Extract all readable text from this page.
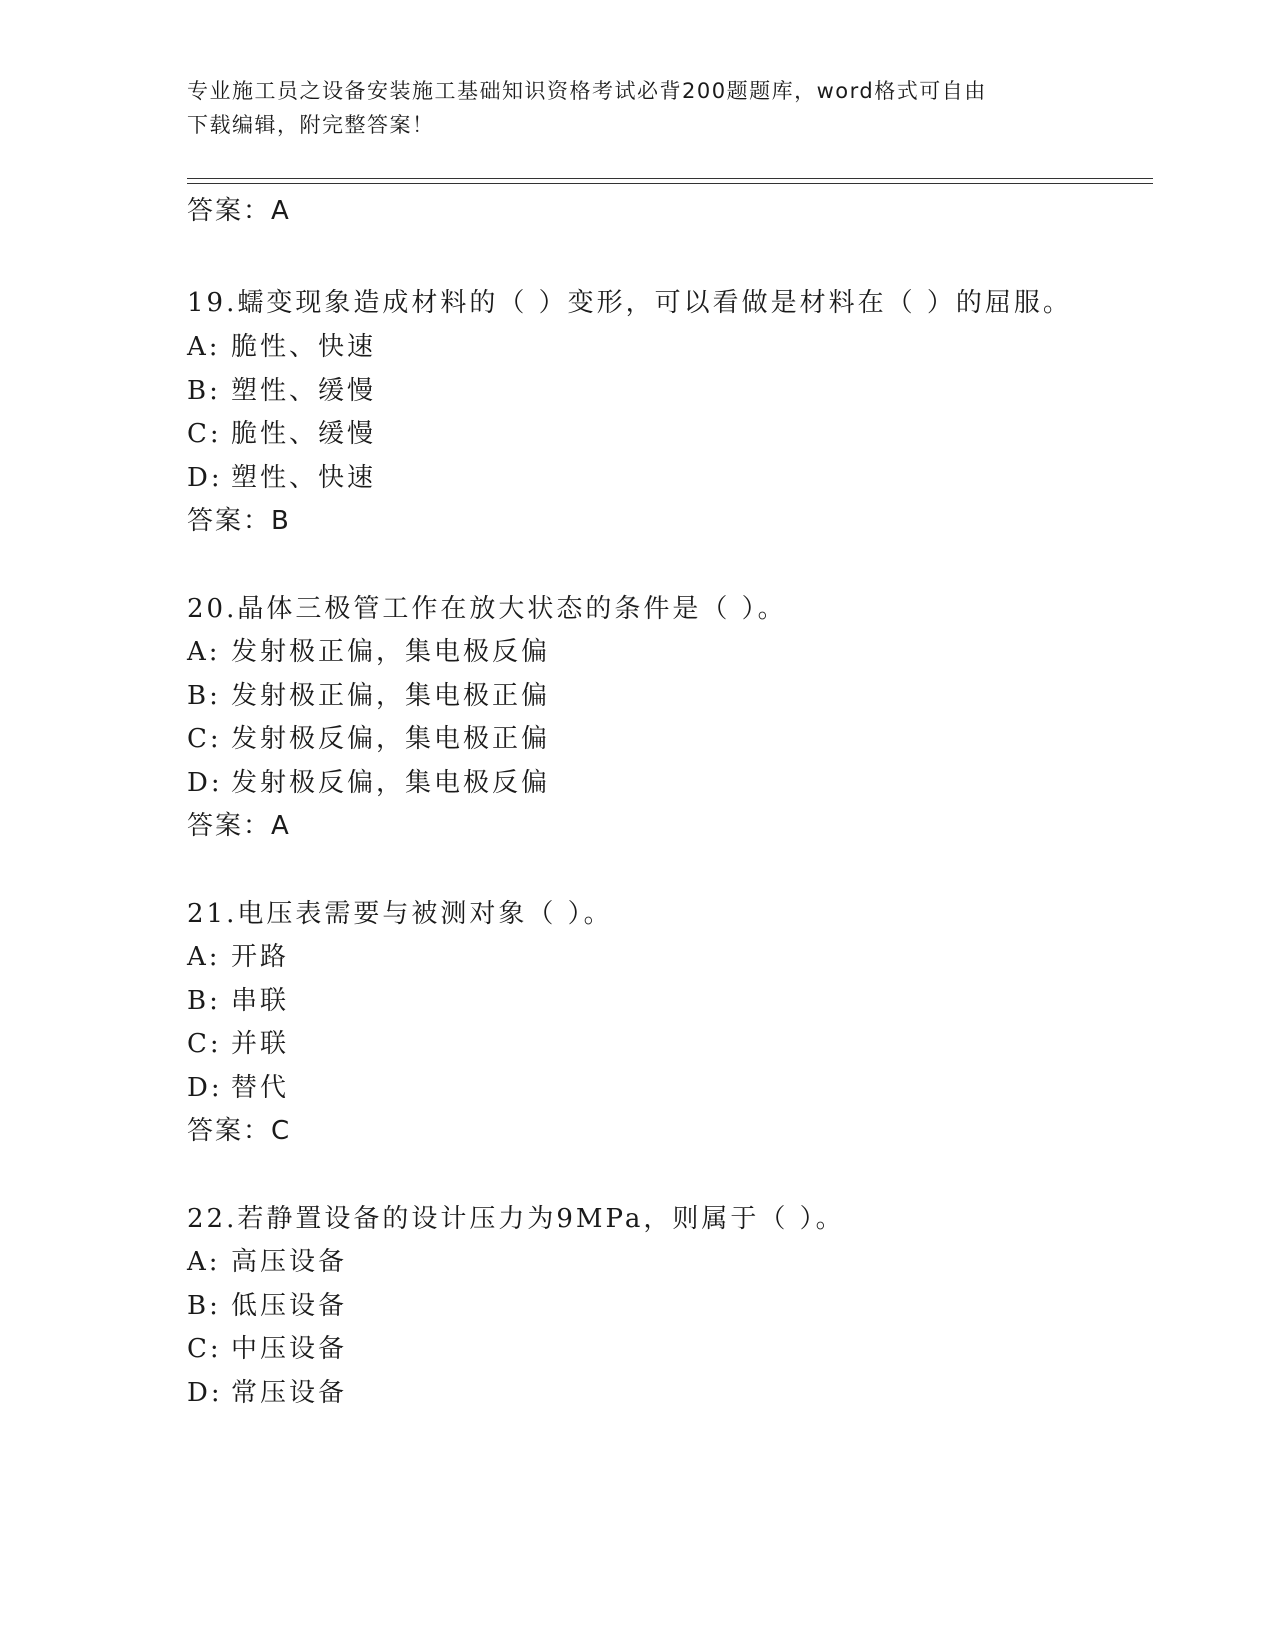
专业施工员之设备安装施工基础知识资格考试必背200题题库，word格式可自由
下载编辑，附完整答案！
答案：A
19.蠕变现象造成材料的（ ）变形，可以看做是材料在（ ）的屈服。
A: 脆性、快速
B: 塑性、缓慢
C: 脆性、缓慢
D: 塑性、快速
答案：B
20.晶体三极管工作在放大状态的条件是（ ）。
A: 发射极正偏，集电极反偏
B: 发射极正偏，集电极正偏
C: 发射极反偏，集电极正偏
D: 发射极反偏，集电极反偏
答案：A
21.电压表需要与被测对象（ ）。
A: 开路
B: 串联
C: 并联
D: 替代
答案：C
22.若静置设备的设计压力为9MPa，则属于（ ）。
A: 高压设备
B: 低压设备
C: 中压设备
D: 常压设备
